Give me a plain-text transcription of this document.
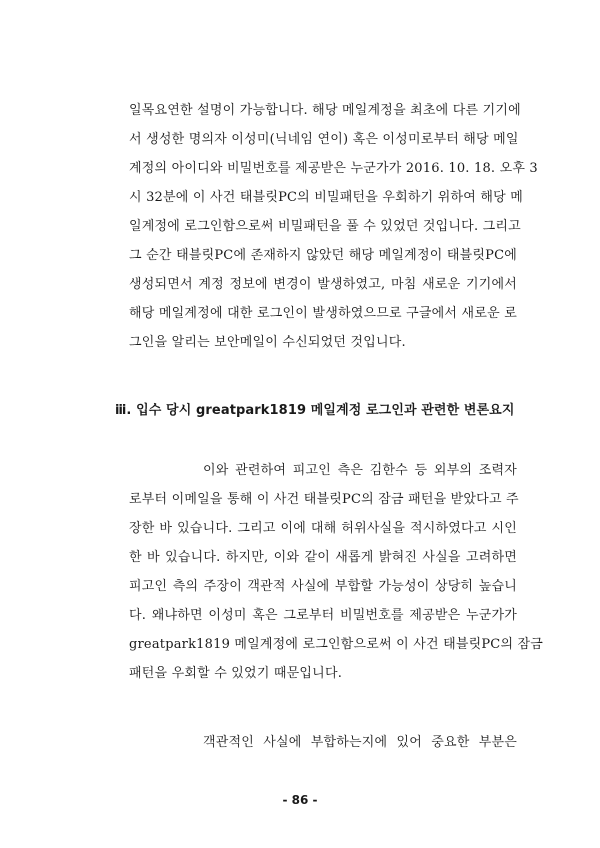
일목요연한 설명이 가능합니다. 해당 메일계정을 최초에 다른 기기에
서 생성한 명의자 이성미(닉네임 연이) 혹은 이성미로부터 해당 메일
계정의 아이디와 비밀번호를 제공받은 누군가가 2016. 10. 18. 오후 3
시 32분에 이 사건 태블릿PC의 비밀패턴을 우회하기 위하여 해당 메
일계정에 로그인함으로써 비밀패턴을 풀 수 있었던 것입니다. 그리고
그 순간 태블릿PC에 존재하지 않았던 해당 메일계정이 태블릿PC에
생성되면서 계정 정보에 변경이 발생하였고, 마침 새로운 기기에서
해당 메일계정에 대한 로그인이 발생하였으므로 구글에서 새로운 로
그인을 알리는 보안메일이 수신되었던 것입니다.
ⅲ. 입수 당시 greatpark1819 메일계정 로그인과 관련한 변론요지
이와 관련하여 피고인 측은 김한수 등 외부의 조력자
로부터 이메일을 통해 이 사건 태블릿PC의 잠금 패턴을 받았다고 주
장한 바 있습니다. 그리고 이에 대해 허위사실을 적시하였다고 시인
한 바 있습니다. 하지만, 이와 같이 새롭게 밝혀진 사실을 고려하면
피고인 측의 주장이 객관적 사실에 부합할 가능성이 상당히 높습니
다. 왜냐하면 이성미 혹은 그로부터 비밀번호를 제공받은 누군가가
greatpark1819 메일계정에 로그인함으로써 이 사건 태블릿PC의 잠금
패턴을 우회할 수 있었기 때문입니다.
객관적인 사실에 부합하는지에 있어 중요한 부분은
- 86 -
